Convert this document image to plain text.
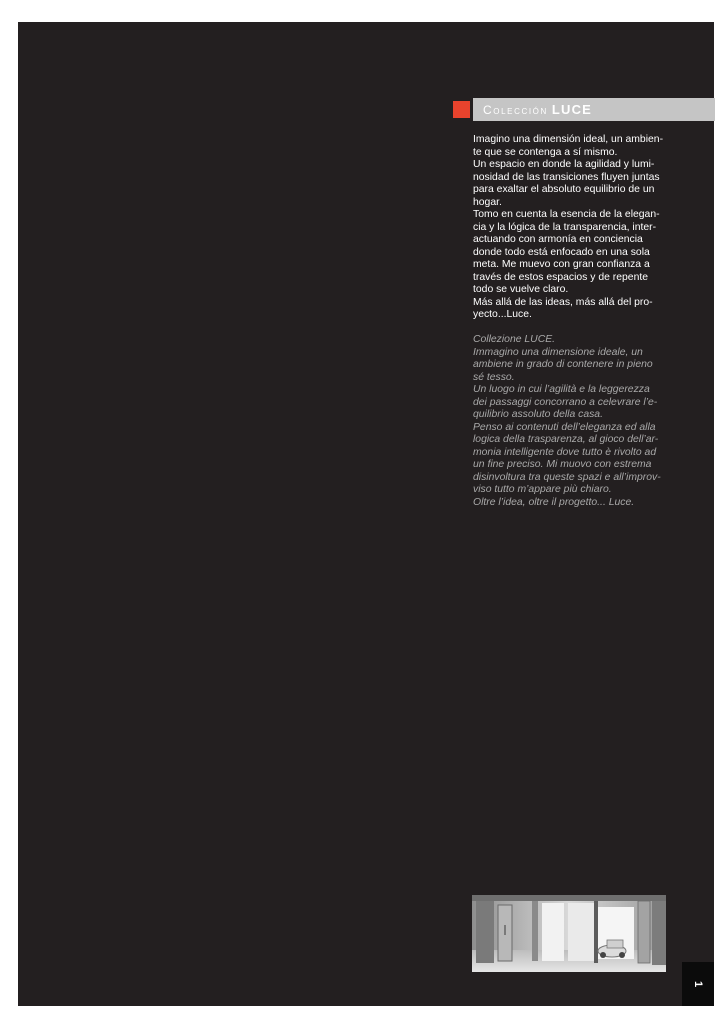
Colección LUCE

Imagino una dimensión ideal, un ambien-

te que se contenga a sí mismo.

Un espacio en donde la agilidad y lumi-

nosidad de las transiciones fluyen juntas

para exaltar el absoluto equilibrio de un

hogar.

Tomo en cuenta la esencia de la elegan-

cia y la lógica de la transparencia, inter-

actuando con armonía en conciencia

donde todo está enfocado en una sola

meta. Me muevo con gran confianza a

través de estos espacios y de repente

todo se vuelve claro.

Más allá de las ideas, más allá del pro-

yecto...Luce.

Collezione LUCE.

Immagino una dimensione ideale, un

ambiene in grado di contenere in pieno

sé tesso.

Un luogo in cui l’agilità e la leggerezza

dei passaggi concorrano a celevrare l’e-

quilibrio assoluto della casa.

Penso ai contenuti dell’eleganza ed alla

logica della trasparenza, al gioco dell’ar-

monia intelligente dove tutto è rivolto ad

un fine preciso. Mi muovo con estrema

disinvoltura tra queste spazi e all’improv-

viso tutto m’appare più chiaro.

Oltre l’idea, oltre il progetto... Luce.

1
